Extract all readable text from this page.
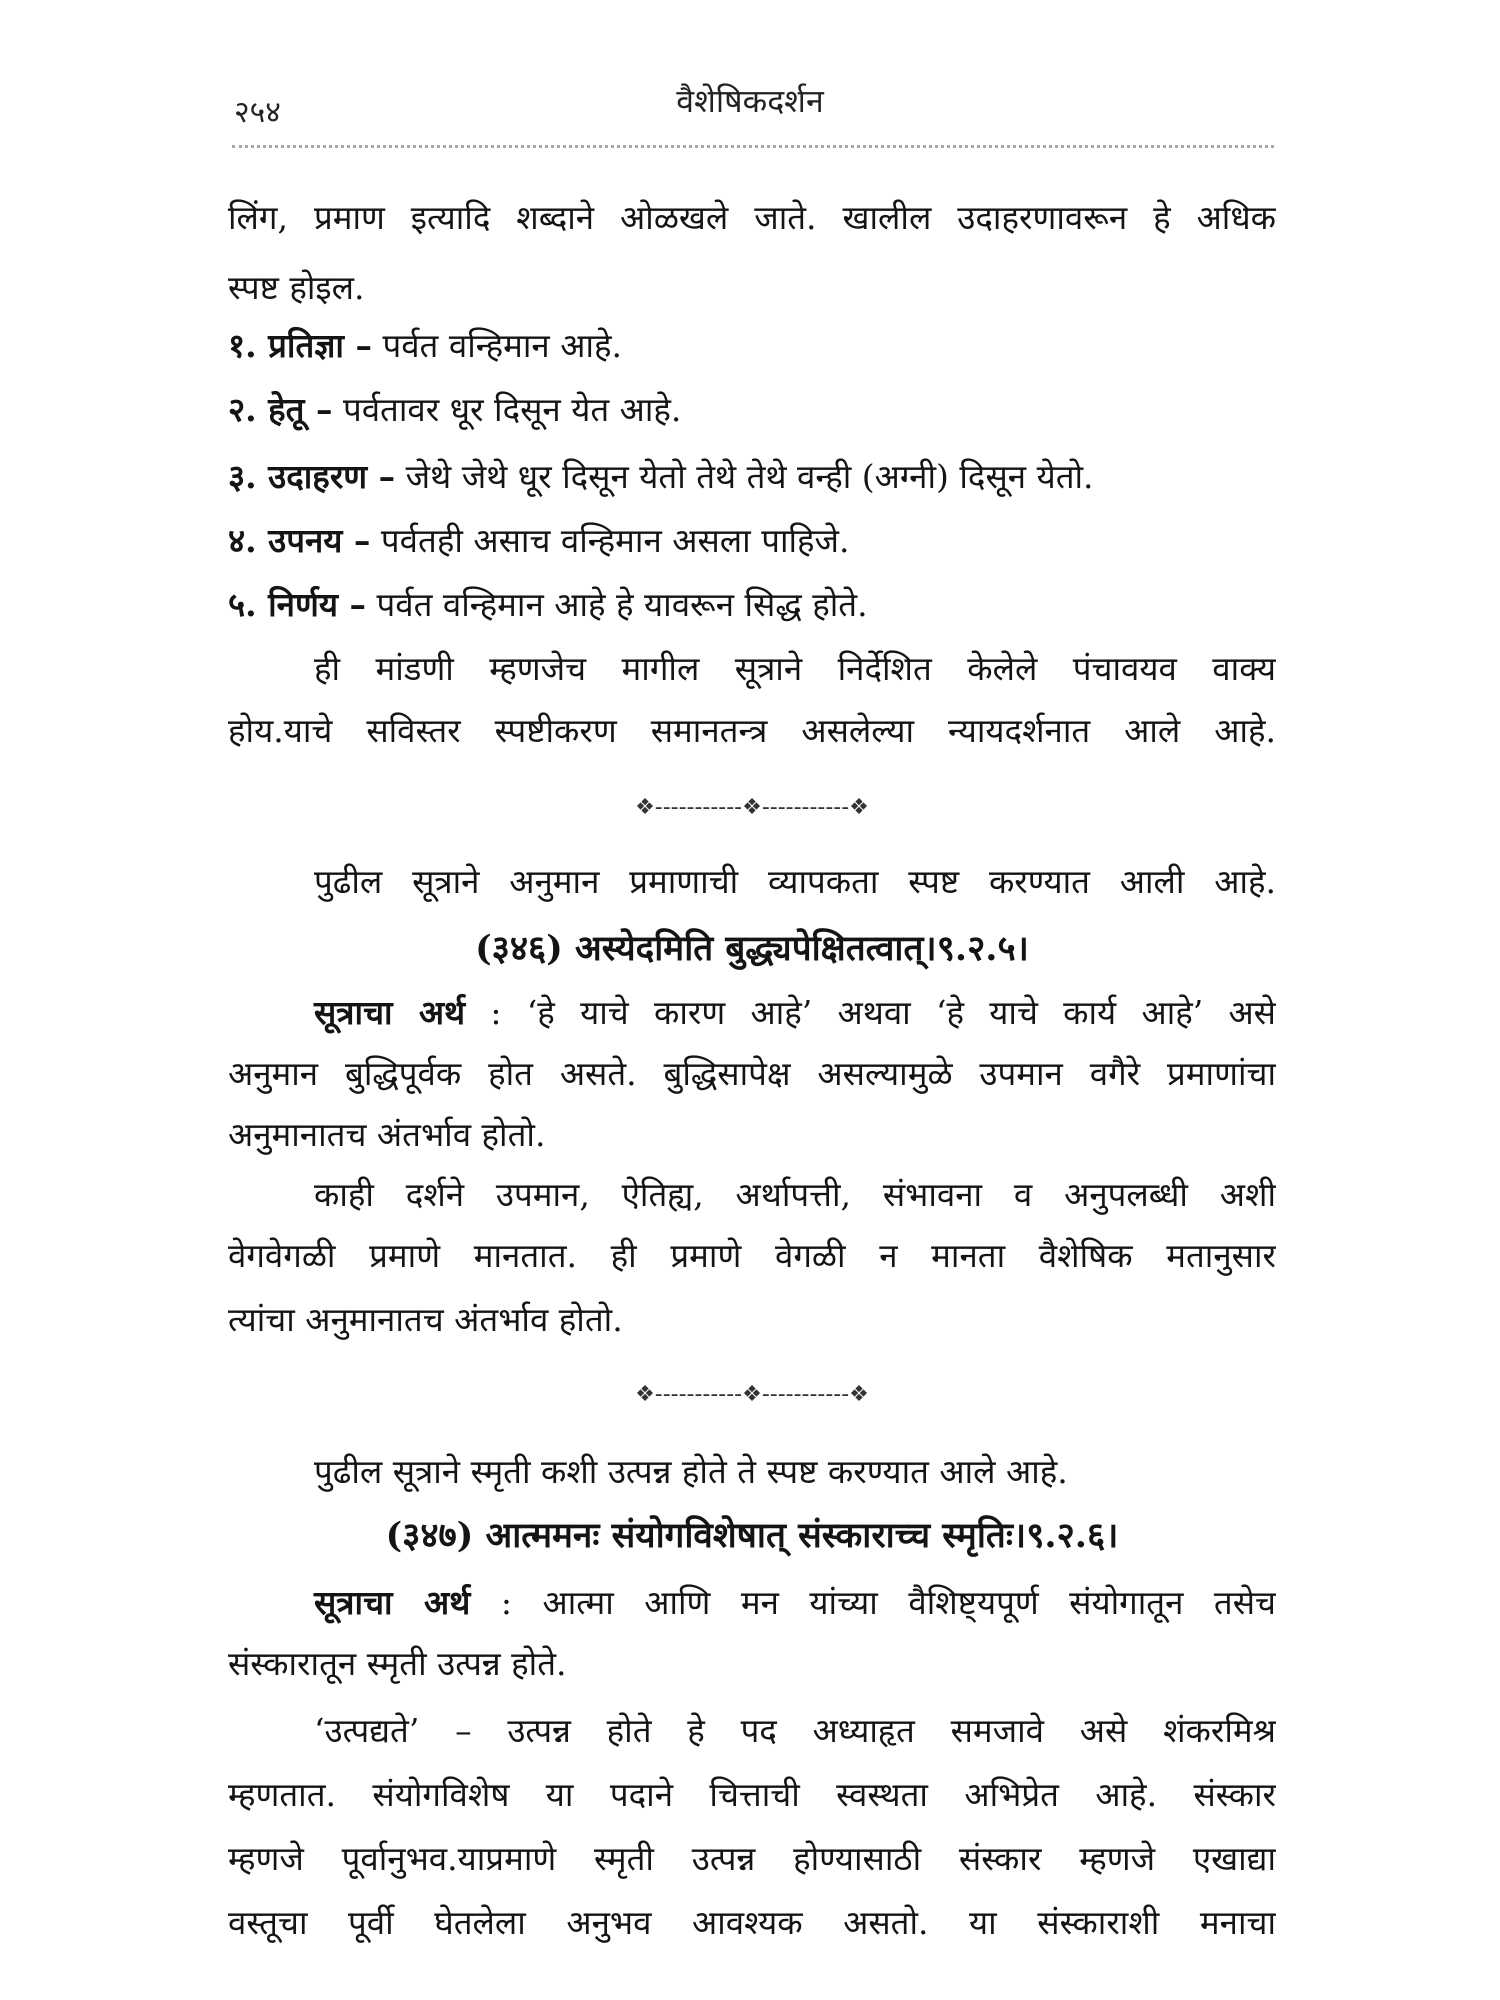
२५४	वैशेषिकदर्शन
लिंग, प्रमाण इत्यादि शब्दाने ओळखले जाते. खालील उदाहरणावरून हे अधिक
स्पष्ट होइल.
१. प्रतिज्ञा – पर्वत वन्हिमान आहे.
२. हेतू – पर्वतावर धूर दिसून येत आहे.
३. उदाहरण – जेथे जेथे धूर दिसून येतो तेथे तेथे वन्ही (अग्नी) दिसून येतो.
४. उपनय – पर्वतही असाच वन्हिमान असला पाहिजे.
५. निर्णय – पर्वत वन्हिमान आहे हे यावरून सिद्ध होते.
ही मांडणी म्हणजेच मागील सूत्राने निर्देशित केलेले पंचावयव वाक्य
होय.याचे सविस्तर स्पष्टीकरण समानतन्त्र असलेल्या न्यायदर्शनात आले आहे.
❖-----------❖-----------❖
पुढील सूत्राने अनुमान प्रमाणाची व्यापकता स्पष्ट करण्यात आली आहे.
(३४६) अस्येदमिति बुद्ध्यपेक्षितत्वात्।९.२.५।
सूत्राचा अर्थ : ‘हे याचे कारण आहे’ अथवा ‘हे याचे कार्य आहे’ असे
अनुमान बुद्धिपूर्वक होत असते. बुद्धिसापेक्ष असल्यामुळे उपमान वगैरे प्रमाणांचा
अनुमानातच अंतर्भाव होतो.
काही दर्शने उपमान, ऐतिह्य, अर्थापत्ती, संभावना व अनुपलब्धी अशी
वेगवेगळी प्रमाणे मानतात. ही प्रमाणे वेगळी न मानता वैशेषिक मतानुसार
त्यांचा अनुमानातच अंतर्भाव होतो.
❖-----------❖-----------❖
पुढील सूत्राने स्मृती कशी उत्पन्न होते ते स्पष्ट करण्यात आले आहे.
(३४७) आत्ममनः संयोगविशेषात् संस्काराच्च स्मृतिः।९.२.६।
सूत्राचा अर्थ : आत्मा आणि मन यांच्या वैशिष्ट्यपूर्ण संयोगातून तसेच
संस्कारातून स्मृती उत्पन्न होते.
‘उत्पद्यते’ – उत्पन्न होते हे पद अध्याहृत समजावे असे शंकरमिश्र
म्हणतात. संयोगविशेष या पदाने चित्ताची स्वस्थता अभिप्रेत आहे. संस्कार
म्हणजे पूर्वानुभव.याप्रमाणे स्मृती उत्पन्न होण्यासाठी संस्कार म्हणजे एखाद्या
वस्तूचा पूर्वी घेतलेला अनुभव आवश्यक असतो. या संस्काराशी मनाचा
